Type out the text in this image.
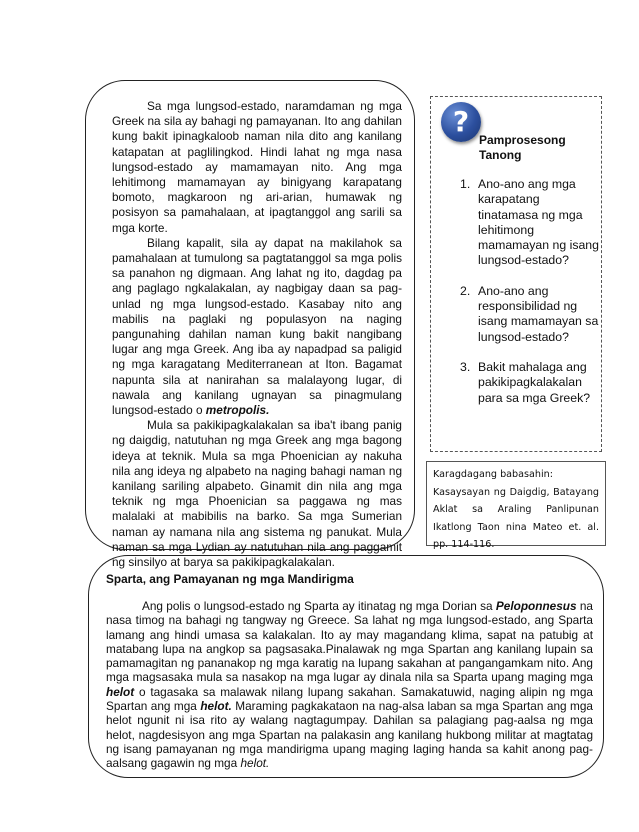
Sa mga lungsod-estado, naramdaman ng mga Greek na sila ay bahagi ng pamayanan. Ito ang dahilan kung bakit ipinagkaloob naman nila dito ang kanilang katapatan at paglilingkod. Hindi lahat ng mga nasa lungsod-estado ay mamamayan nito. Ang mga lehitimong mamamayan ay binigyang karapatang bomoto, magkaroon ng ari-arian, humawak ng posisyon sa pamahalaan, at ipagtanggol ang sarili sa mga korte.

Bilang kapalit, sila ay dapat na makilahok sa pamahalaan at tumulong sa pagtatanggol sa mga polis sa panahon ng digmaan. Ang lahat ng ito, dagdag pa ang paglago ngkalakalan, ay nagbigay daan sa pag-unlad ng mga lungsod-estado. Kasabay nito ang mabilis na paglaki ng populasyon na naging pangunahing dahilan naman kung bakit nangibang lugar ang mga Greek. Ang iba ay napadpad sa paligid ng mga karagatang Mediterranean at Iton. Bagamat napunta sila at nanirahan sa malalayong lugar, di nawala ang kanilang ugnayan sa pinagmulang lungsod-estado o metropolis.

Mula sa pakikipagkalakalan sa iba't ibang panig ng daigdig, natutuhan ng mga Greek ang mga bagong ideya at teknik. Mula sa mga Phoenician ay nakuha nila ang ideya ng alpabeto na naging bahagi naman ng kanilang sariling alpabeto. Ginamit din nila ang mga teknik ng mga Phoenician sa paggawa ng mas malalaki at mabibilis na barko. Sa mga Sumerian naman ay namana nila ang sistema ng panukat. Mula naman sa mga Lydian ay natutuhan nila ang paggamit ng sinsilyo at barya sa pakikipagkalakalan.

?
Pamprosesong Tanong
1. Ano-ano ang mga karapatang tinatamasa ng mga lehitimong mamamayan ng isang lungsod-estado?
2. Ano-ano ang responsibilidad ng isang mamamayan sa lungsod-estado?
3. Bakit mahalaga ang pakikipagkalakalan para sa mga Greek?
Karagdagang babasahin:
Kasaysayan ng Daigdig, Batayang Aklat sa Araling Panlipunan Ikatlong Taon nina Mateo et. al. pp. 114-116.

Sparta, ang Pamayanan ng mga Mandirigma

Ang polis o lungsod-estado ng Sparta ay itinatag ng mga Dorian sa Peloponnesus na nasa timog na bahagi ng tangway ng Greece. Sa lahat ng mga lungsod-estado, ang Sparta lamang ang hindi umasa sa kalakalan. Ito ay may magandang klima, sapat na patubig at matabang lupa na angkop sa pagsasaka.Pinalawak ng mga Spartan ang kanilang lupain sa pamamagitan ng pananakop ng mga karatig na lupang sakahan at pangangamkam nito. Ang mga magsasaka mula sa nasakop na mga lugar ay dinala nila sa Sparta upang maging mga helot o tagasaka sa malawak nilang lupang sakahan. Samakatuwid, naging alipin ng mga Spartan ang mga helot. Maraming pagkakataon na nag-alsa laban sa mga Spartan ang mga helot ngunit ni isa rito ay walang nagtagumpay. Dahilan sa palagiang pag-aalsa ng mga helot, nagdesisyon ang mga Spartan na palakasin ang kanilang hukbong militar at magtatag ng isang pamayanan ng mga mandirigma upang maging laging handa sa kahit anong pag-aalsang gagawin ng mga helot.
